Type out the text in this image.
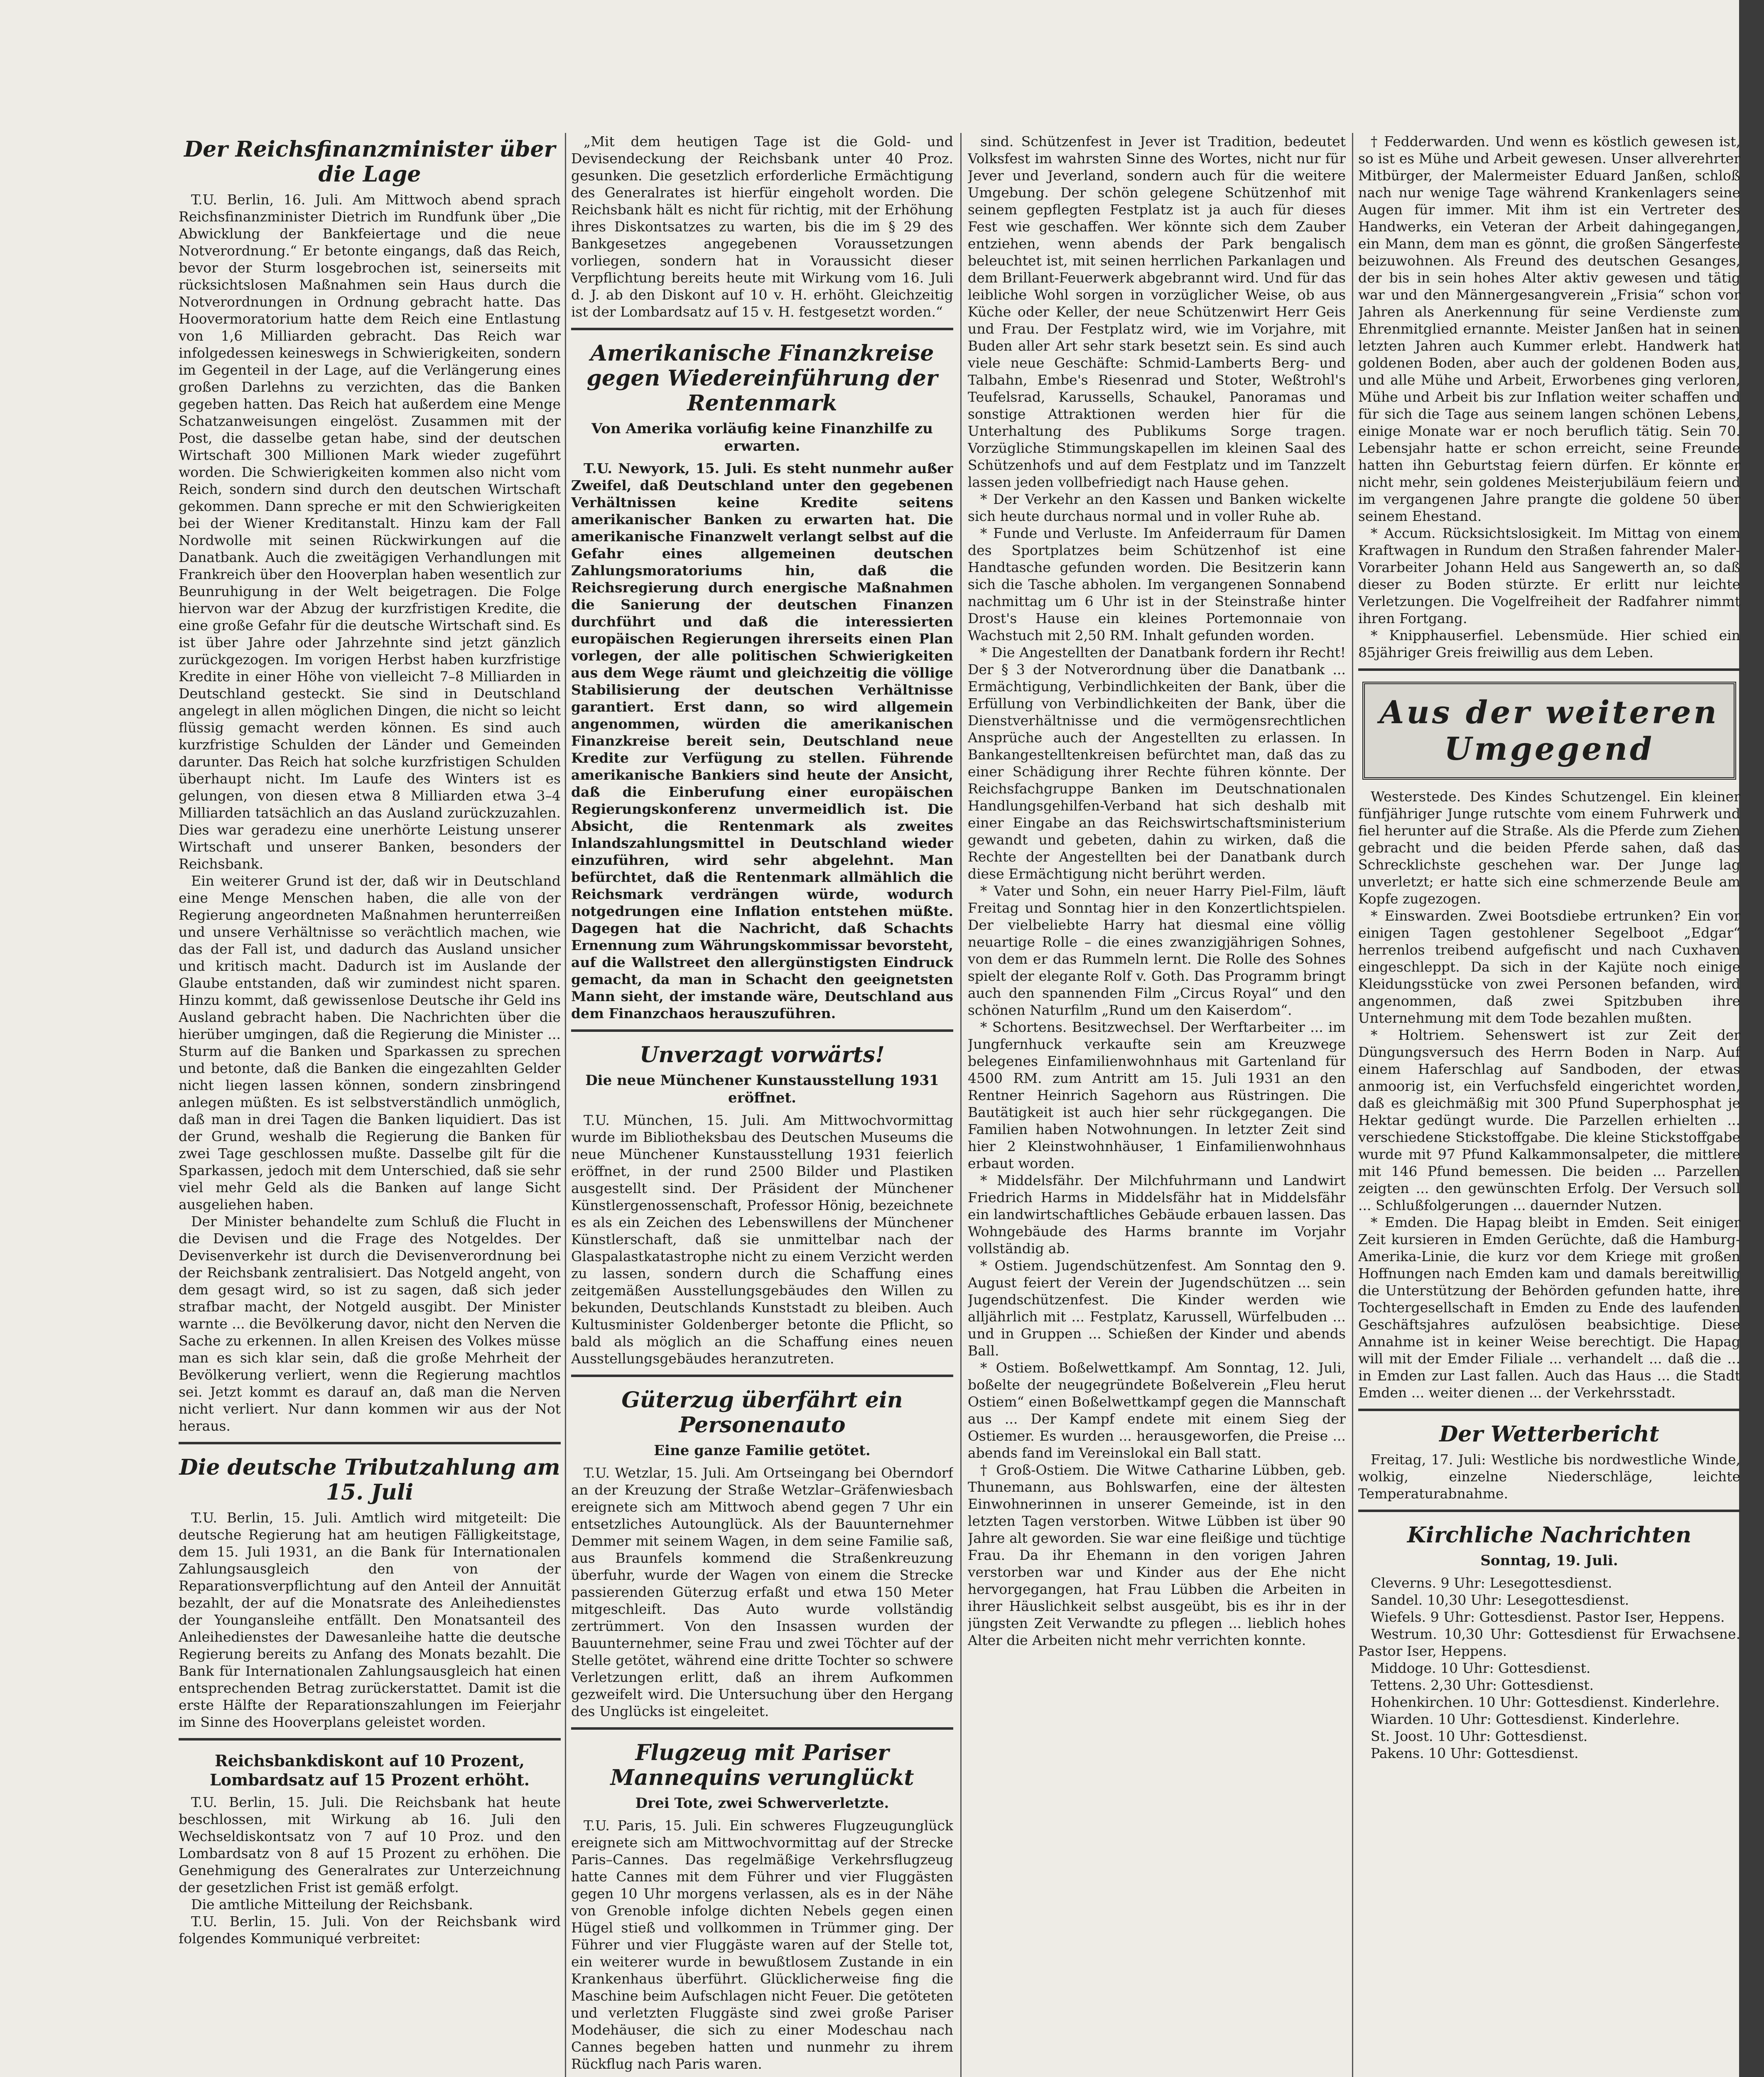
Der Reichsfinanzminister über die Lage

T.U. Berlin, 16. Juli. Am Mittwoch abend sprach Reichsfinanzminister Dietrich im Rundfunk über „Die Abwicklung der Bankfeiertage und die neue Notverordnung.“ Er betonte eingangs, daß das Reich, bevor der Sturm losgebrochen ist, seinerseits mit rücksichtslosen Maßnahmen sein Haus durch die Notverordnungen in Ordnung gebracht hatte. Das Hoovermoratorium hatte dem Reich eine Entlastung von 1,6 Milliarden gebracht. Das Reich war infolgedessen keineswegs in Schwierigkeiten, sondern im Gegenteil in der Lage, auf die Verlängerung eines großen Darlehns zu verzichten, das die Banken gegeben hatten. Das Reich hat außerdem eine Menge Schatzanweisungen eingelöst. Zusammen mit der Post, die dasselbe getan habe, sind der deutschen Wirtschaft 300 Millionen Mark wieder zugeführt worden. Die Schwierigkeiten kommen also nicht vom Reich, sondern sind durch den deutschen Wirtschaft gekommen. Dann spreche er mit den Schwierigkeiten bei der Wiener Kreditanstalt. Hinzu kam der Fall Nordwolle mit seinen Rückwirkungen auf die Danatbank. Auch die zweitägigen Verhandlungen mit Frankreich über den Hooverplan haben wesentlich zur Beunruhigung in der Welt beigetragen. Die Folge hiervon war der Abzug der kurzfristigen Kredite, die eine große Gefahr für die deutsche Wirtschaft sind. Es ist über Jahre oder Jahrzehnte sind jetzt gänzlich zurückgezogen. Im vorigen Herbst haben kurzfristige Kredite in einer Höhe von vielleicht 7–8 Milliarden in Deutschland gesteckt. Sie sind in Deutschland angelegt in allen möglichen Dingen, die nicht so leicht flüssig gemacht werden können. Es sind auch kurzfristige Schulden der Länder und Gemeinden darunter. Das Reich hat solche kurzfristigen Schulden überhaupt nicht. Im Laufe des Winters ist es gelungen, von diesen etwa 8 Milliarden etwa 3–4 Milliarden tatsächlich an das Ausland zurückzuzahlen. Dies war geradezu eine unerhörte Leistung unserer Wirtschaft und unserer Banken, besonders der Reichsbank.

Ein weiterer Grund ist der, daß wir in Deutschland eine Menge Menschen haben, die alle von der Regierung angeordneten Maßnahmen herunterreißen und unsere Verhältnisse so verächtlich machen, wie das der Fall ist, und dadurch das Ausland unsicher und kritisch macht. Dadurch ist im Auslande der Glaube entstanden, daß wir zumindest nicht sparen. Hinzu kommt, daß gewissenlose Deutsche ihr Geld ins Ausland gebracht haben. Die Nachrichten über die hierüber umgingen, daß die Regierung die Minister ... Sturm auf die Banken und Sparkassen zu sprechen und betonte, daß die Banken die eingezahlten Gelder nicht liegen lassen können, sondern zinsbringend anlegen müßten. Es ist selbstverständlich unmöglich, daß man in drei Tagen die Banken liquidiert. Das ist der Grund, weshalb die Regierung die Banken für zwei Tage geschlossen mußte. Dasselbe gilt für die Sparkassen, jedoch mit dem Unterschied, daß sie sehr viel mehr Geld als die Banken auf lange Sicht ausgeliehen haben.

Der Minister behandelte zum Schluß die Flucht in die Devisen und die Frage des Notgeldes. Der Devisenverkehr ist durch die Devisenverordnung bei der Reichsbank zentralisiert. Das Notgeld angeht, von dem gesagt wird, so ist zu sagen, daß sich jeder strafbar macht, der Notgeld ausgibt. Der Minister warnte ... die Bevölkerung davor, nicht den Nerven die Sache zu erkennen. In allen Kreisen des Volkes müsse man es sich klar sein, daß die große Mehrheit der Bevölkerung verliert, wenn die Regierung machtlos sei. Jetzt kommt es darauf an, daß man die Nerven nicht verliert. Nur dann kommen wir aus der Not heraus.

Die deutsche Tributzahlung am 15. Juli

T.U. Berlin, 15. Juli. Amtlich wird mitgeteilt: Die deutsche Regierung hat am heutigen Fälligkeitstage, dem 15. Juli 1931, an die Bank für Internationalen Zahlungsausgleich den von der Reparationsverpflichtung auf den Anteil der Annuität bezahlt, der auf die Monatsrate des Anleihedienstes der Youngansleihe entfällt. Den Monatsanteil des Anleihedienstes der Dawesanleihe hatte die deutsche Regierung bereits zu Anfang des Monats bezahlt. Die Bank für Internationalen Zahlungsausgleich hat einen entsprechenden Betrag zurückerstattet. Damit ist die erste Hälfte der Reparationszahlungen im Feierjahr im Sinne des Hooverplans geleistet worden.

Reichsbankdiskont auf 10 Prozent, Lombardsatz auf 15 Prozent erhöht.

T.U. Berlin, 15. Juli. Die Reichsbank hat heute beschlossen, mit Wirkung ab 16. Juli den Wechseldiskontsatz von 7 auf 10 Proz. und den Lombardsatz von 8 auf 15 Prozent zu erhöhen. Die Genehmigung des Generalrates zur Unterzeichnung der gesetzlichen Frist ist gemäß erfolgt.

Die amtliche Mitteilung der Reichsbank.

T.U. Berlin, 15. Juli. Von der Reichsbank wird folgendes Kommuniqué verbreitet:

„Mit dem heutigen Tage ist die Gold- und Devisendeckung der Reichsbank unter 40 Proz. gesunken. Die gesetzlich erforderliche Ermächtigung des Generalrates ist hierfür eingeholt worden. Die Reichsbank hält es nicht für richtig, mit der Erhöhung ihres Diskontsatzes zu warten, bis die im § 29 des Bankgesetzes angegebenen Voraussetzungen vorliegen, sondern hat in Voraussicht dieser Verpflichtung bereits heute mit Wirkung vom 16. Juli d. J. ab den Diskont auf 10 v. H. erhöht. Gleichzeitig ist der Lombardsatz auf 15 v. H. festgesetzt worden.“

Amerikanische Finanzkreise gegen Wiedereinführung der Rentenmark
Von Amerika vorläufig keine Finanzhilfe zu erwarten.

T.U. Newyork, 15. Juli. Es steht nunmehr außer Zweifel, daß Deutschland unter den gegebenen Verhältnissen keine Kredite seitens amerikanischer Banken zu erwarten hat. Die amerikanische Finanzwelt verlangt selbst auf die Gefahr eines allgemeinen deutschen Zahlungsmoratoriums hin, daß die Reichsregierung durch energische Maßnahmen die Sanierung der deutschen Finanzen durchführt und daß die interessierten europäischen Regierungen ihrerseits einen Plan vorlegen, der alle politischen Schwierigkeiten aus dem Wege räumt und gleichzeitig die völlige Stabilisierung der deutschen Verhältnisse garantiert. Erst dann, so wird allgemein angenommen, würden die amerikanischen Finanzkreise bereit sein, Deutschland neue Kredite zur Verfügung zu stellen. Führende amerikanische Bankiers sind heute der Ansicht, daß die Einberufung einer europäischen Regierungskonferenz unvermeidlich ist. Die Absicht, die Rentenmark als zweites Inlandszahlungsmittel in Deutschland wieder einzuführen, wird sehr abgelehnt. Man befürchtet, daß die Rentenmark allmählich die Reichsmark verdrängen würde, wodurch notgedrungen eine Inflation entstehen müßte. Dagegen hat die Nachricht, daß Schachts Ernennung zum Währungskommissar bevorsteht, auf die Wallstreet den allergünstigsten Eindruck gemacht, da man in Schacht den geeignetsten Mann sieht, der imstande wäre, Deutschland aus dem Finanzchaos herauszuführen.

Unverzagt vorwärts!
Die neue Münchener Kunstausstellung 1931 eröffnet.

T.U. München, 15. Juli. Am Mittwochvormittag wurde im Bibliotheksbau des Deutschen Museums die neue Münchener Kunstausstellung 1931 feierlich eröffnet, in der rund 2500 Bilder und Plastiken ausgestellt sind. Der Präsident der Münchener Künstlergenossenschaft, Professor Hönig, bezeichnete es als ein Zeichen des Lebenswillens der Münchener Künstlerschaft, daß sie unmittelbar nach der Glaspalastkatastrophe nicht zu einem Verzicht werden zu lassen, sondern durch die Schaffung eines zeitgemäßen Ausstellungsgebäudes den Willen zu bekunden, Deutschlands Kunststadt zu bleiben. Auch Kultusminister Goldenberger betonte die Pflicht, so bald als möglich an die Schaffung eines neuen Ausstellungsgebäudes heranzutreten.

Güterzug überfährt ein Personenauto
Eine ganze Familie getötet.

T.U. Wetzlar, 15. Juli. Am Ortseingang bei Oberndorf an der Kreuzung der Straße Wetzlar–Gräfenwiesbach ereignete sich am Mittwoch abend gegen 7 Uhr ein entsetzliches Autounglück. Als der Bauunternehmer Demmer mit seinem Wagen, in dem seine Familie saß, aus Braunfels kommend die Straßenkreuzung überfuhr, wurde der Wagen von einem die Strecke passierenden Güterzug erfaßt und etwa 150 Meter mitgeschleift. Das Auto wurde vollständig zertrümmert. Von den Insassen wurden der Bauunternehmer, seine Frau und zwei Töchter auf der Stelle getötet, während eine dritte Tochter so schwere Verletzungen erlitt, daß an ihrem Aufkommen gezweifelt wird. Die Untersuchung über den Hergang des Unglücks ist eingeleitet.

Flugzeug mit Pariser Mannequins verunglückt
Drei Tote, zwei Schwerverletzte.

T.U. Paris, 15. Juli. Ein schweres Flugzeugunglück ereignete sich am Mittwochvormittag auf der Strecke Paris–Cannes. Das regelmäßige Verkehrsflugzeug hatte Cannes mit dem Führer und vier Fluggästen gegen 10 Uhr morgens verlassen, als es in der Nähe von Grenoble infolge dichten Nebels gegen einen Hügel stieß und vollkommen in Trümmer ging. Der Führer und vier Fluggäste waren auf der Stelle tot, ein weiterer wurde in bewußtlosem Zustande in ein Krankenhaus überführt. Glücklicherweise fing die Maschine beim Aufschlagen nicht Feuer. Die getöteten und verletzten Fluggäste sind zwei große Pariser Modehäuser, die sich zu einer Modeschau nach Cannes begeben hatten und nunmehr zu ihrem Rückflug nach Paris waren.

sind. Schützenfest in Jever ist Tradition, bedeutet Volksfest im wahrsten Sinne des Wortes, nicht nur für Jever und Jeverland, sondern auch für die weitere Umgebung. Der schön gelegene Schützenhof mit seinem gepflegten Festplatz ist ja auch für dieses Fest wie geschaffen. Wer könnte sich dem Zauber entziehen, wenn abends der Park bengalisch beleuchtet ist, mit seinen herrlichen Parkanlagen und dem Brillant-Feuerwerk abgebrannt wird. Und für das leibliche Wohl sorgen in vorzüglicher Weise, ob aus Küche oder Keller, der neue Schützenwirt Herr Geis und Frau. Der Festplatz wird, wie im Vorjahre, mit Buden aller Art sehr stark besetzt sein. Es sind auch viele neue Geschäfte: Schmid-Lamberts Berg- und Talbahn, Embe's Riesenrad und Stoter, Weßtrohl's Teufelsrad, Karussells, Schaukel, Panoramas und sonstige Attraktionen werden hier für die Unterhaltung des Publikums Sorge tragen. Vorzügliche Stimmungskapellen im kleinen Saal des Schützenhofs und auf dem Festplatz und im Tanzzelt lassen jeden vollbefriedigt nach Hause gehen.

* Der Verkehr an den Kassen und Banken wickelte sich heute durchaus normal und in voller Ruhe ab.

* Funde und Verluste. Im Anfeiderraum für Damen des Sportplatzes beim Schützenhof ist eine Handtasche gefunden worden. Die Besitzerin kann sich die Tasche abholen. Im vergangenen Sonnabend nachmittag um 6 Uhr ist in der Steinstraße hinter Drost's Hause ein kleines Portemonnaie von Wachstuch mit 2,50 RM. Inhalt gefunden worden.

* Die Angestellten der Danatbank fordern ihr Recht! Der § 3 der Notverordnung über die Danatbank ... Ermächtigung, Verbindlichkeiten der Bank, über die Erfüllung von Verbindlichkeiten der Bank, über die Dienstverhältnisse und die vermögensrechtlichen Ansprüche auch der Angestellten zu erlassen. In Bankangestelltenkreisen befürchtet man, daß das zu einer Schädigung ihrer Rechte führen könnte. Der Reichsfachgruppe Banken im Deutschnationalen Handlungsgehilfen-Verband hat sich deshalb mit einer Eingabe an das Reichswirtschaftsministerium gewandt und gebeten, dahin zu wirken, daß die Rechte der Angestellten bei der Danatbank durch diese Ermächtigung nicht berührt werden.

* Vater und Sohn, ein neuer Harry Piel-Film, läuft Freitag und Sonntag hier in den Konzertlichtspielen. Der vielbeliebte Harry hat diesmal eine völlig neuartige Rolle – die eines zwanzigjährigen Sohnes, von dem er das Rummeln lernt. Die Rolle des Sohnes spielt der elegante Rolf v. Goth. Das Programm bringt auch den spannenden Film „Circus Royal“ und den schönen Naturfilm „Rund um den Kaiserdom“.

* Schortens. Besitzwechsel. Der Werftarbeiter ... im Jungfernhuck verkaufte sein am Kreuzwege belegenes Einfamilienwohnhaus mit Gartenland für 4500 RM. zum Antritt am 15. Juli 1931 an den Rentner Heinrich Sagehorn aus Rüstringen. Die Bautätigkeit ist auch hier sehr rückgegangen. Die Familien haben Notwohnungen. In letzter Zeit sind hier 2 Kleinstwohnhäuser, 1 Einfamilienwohnhaus erbaut worden.

* Middelsfähr. Der Milchfuhrmann und Landwirt Friedrich Harms in Middelsfähr hat in Middelsfähr ein landwirtschaftliches Gebäude erbauen lassen. Das Wohngebäude des Harms brannte im Vorjahr vollständig ab.

* Ostiem. Jugendschützenfest. Am Sonntag den 9. August feiert der Verein der Jugendschützen ... sein Jugendschützenfest. Die Kinder werden wie alljährlich mit ... Festplatz, Karussell, Würfelbuden ... und in Gruppen ... Schießen der Kinder und abends Ball.

* Ostiem. Boßelwettkampf. Am Sonntag, 12. Juli, boßelte der neugegründete Boßelverein „Fleu herut Ostiem“ einen Boßelwettkampf gegen die Mannschaft aus ... Der Kampf endete mit einem Sieg der Ostiemer. Es wurden ... herausgeworfen, die Preise ... abends fand im Vereinslokal ein Ball statt.

† Groß-Ostiem. Die Witwe Catharine Lübben, geb. Thunemann, aus Bohlswarfen, eine der ältesten Einwohnerinnen in unserer Gemeinde, ist in den letzten Tagen verstorben. Witwe Lübben ist über 90 Jahre alt geworden. Sie war eine fleißige und tüchtige Frau. Da ihr Ehemann in den vorigen Jahren verstorben war und Kinder aus der Ehe nicht hervorgegangen, hat Frau Lübben die Arbeiten in ihrer Häuslichkeit selbst ausgeübt, bis es ihr in der jüngsten Zeit Verwandte zu pflegen ... lieblich hohes Alter die Arbeiten nicht mehr verrichten konnte.

† Fedderwarden. Und wenn es köstlich gewesen ist, so ist es Mühe und Arbeit gewesen. Unser allverehrter Mitbürger, der Malermeister Eduard Janßen, schloß nach nur wenige Tage während Krankenlagers seine Augen für immer. Mit ihm ist ein Vertreter des Handwerks, ein Veteran der Arbeit dahingegangen, ein Mann, dem man es gönnt, die großen Sängerfeste beizuwohnen. Als Freund des deutschen Gesanges, der bis in sein hohes Alter aktiv gewesen und tätig war und den Männergesangverein „Frisia“ schon vor Jahren als Anerkennung für seine Verdienste zum Ehrenmitglied ernannte. Meister Janßen hat in seinen letzten Jahren auch Kummer erlebt. Handwerk hat goldenen Boden, aber auch der goldenen Boden aus, und alle Mühe und Arbeit, Erworbenes ging verloren, Mühe und Arbeit bis zur Inflation weiter schaffen und für sich die Tage aus seinem langen schönen Lebens, einige Monate war er noch beruflich tätig. Sein 70. Lebensjahr hatte er schon erreicht, seine Freunde hatten ihn Geburtstag feiern dürfen. Er könnte er nicht mehr, sein goldenes Meisterjubiläum feiern und im vergangenen Jahre prangte die goldene 50 über seinem Ehestand.

* Accum. Rücksichtslosigkeit. Im Mittag von einem Kraftwagen in Rundum den Straßen fahrender Maler-Vorarbeiter Johann Held aus Sangewerth an, so daß dieser zu Boden stürzte. Er erlitt nur leichte Verletzungen. Die Vogelfreiheit der Radfahrer nimmt ihren Fortgang.

* Knipphauserfiel. Lebensmüde. Hier schied ein 85jähriger Greis freiwillig aus dem Leben.

Aus der weiteren Umgegend

Westerstede. Des Kindes Schutzengel. Ein kleiner fünfjähriger Junge rutschte vom einem Fuhrwerk und fiel herunter auf die Straße. Als die Pferde zum Ziehen gebracht und die beiden Pferde sahen, daß das Schrecklichste geschehen war. Der Junge lag unverletzt; er hatte sich eine schmerzende Beule am Kopfe zugezogen.

* Einswarden. Zwei Bootsdiebe ertrunken? Ein vor einigen Tagen gestohlener Segelboot „Edgar“ herrenlos treibend aufgefischt und nach Cuxhaven eingeschleppt. Da sich in der Kajüte noch einige Kleidungsstücke von zwei Personen befanden, wird angenommen, daß zwei Spitzbuben ihre Unternehmung mit dem Tode bezahlen mußten.

* Holtriem. Sehenswert ist zur Zeit der Düngungsversuch des Herrn Boden in Narp. Auf einem Haferschlag auf Sandboden, der etwas anmoorig ist, ein Verfuchsfeld eingerichtet worden, daß es gleichmäßig mit 300 Pfund Superphosphat je Hektar gedüngt wurde. Die Parzellen erhielten ... verschiedene Stickstoffgabe. Die kleine Stickstoffgabe wurde mit 97 Pfund Kalkammonsalpeter, die mittlere mit 146 Pfund bemessen. Die beiden ... Parzellen zeigten ... den gewünschten Erfolg. Der Versuch soll ... Schlußfolgerungen ... dauernder Nutzen.

* Emden. Die Hapag bleibt in Emden. Seit einiger Zeit kursieren in Emden Gerüchte, daß die Hamburg-Amerika-Linie, die kurz vor dem Kriege mit großen Hoffnungen nach Emden kam und damals bereitwillig die Unterstützung der Behörden gefunden hatte, ihre Tochtergesellschaft in Emden zu Ende des laufenden Geschäftsjahres aufzulösen beabsichtige. Diese Annahme ist in keiner Weise berechtigt. Die Hapag will mit der Emder Filiale ... verhandelt ... daß die ... in Emden zur Last fallen. Auch das Haus ... die Stadt Emden ... weiter dienen ... der Verkehrsstadt.

Der Wetterbericht

Freitag, 17. Juli: Westliche bis nordwestliche Winde, wolkig, einzelne Niederschläge, leichte Temperaturabnahme.

Kirchliche Nachrichten
Sonntag, 19. Juli.

Cleverns. 9 Uhr: Lesegottesdienst.

Sandel. 10,30 Uhr: Lesegottesdienst.

Wiefels. 9 Uhr: Gottesdienst. Pastor Iser, Heppens.

Westrum. 10,30 Uhr: Gottesdienst für Erwachsene. Pastor Iser, Heppens.

Middoge. 10 Uhr: Gottesdienst.

Tettens. 2,30 Uhr: Gottesdienst.

Hohenkirchen. 10 Uhr: Gottesdienst. Kinderlehre.

Wiarden. 10 Uhr: Gottesdienst. Kinderlehre.

St. Joost. 10 Uhr: Gottesdienst.

Pakens. 10 Uhr: Gottesdienst.
